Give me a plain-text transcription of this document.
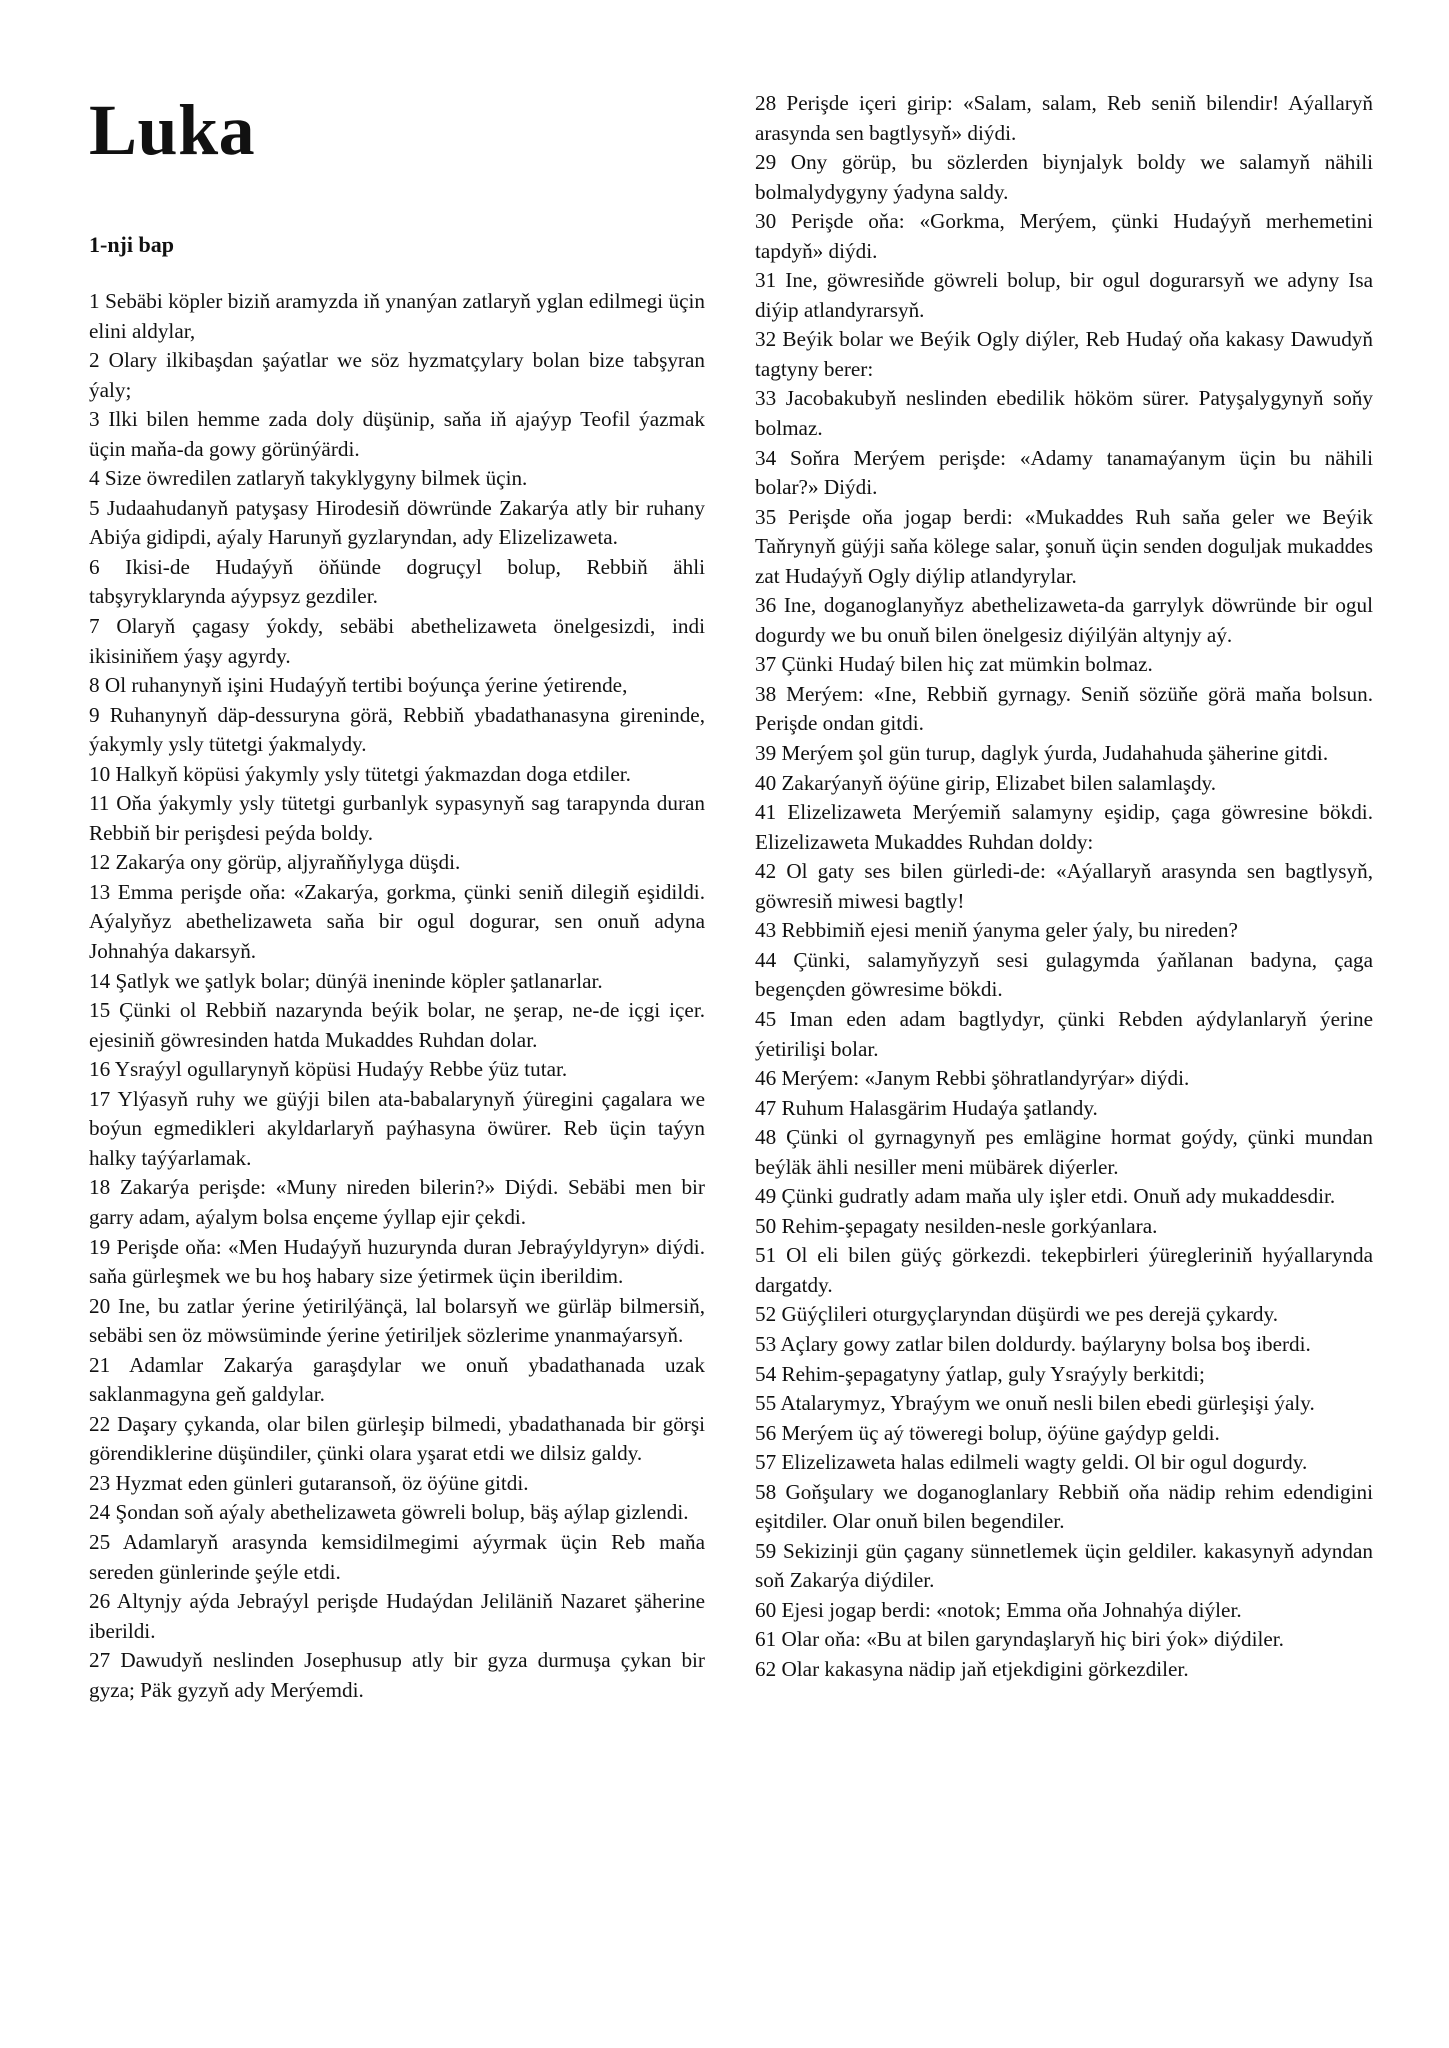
Luka
1-nji bap

1 Sebäbi köpler biziň aramyzda iň ynanýan zatlaryň yglan edilmegi üçin elini aldylar,

2 Olary ilkibaşdan şaýatlar we söz hyzmatçylary bolan bize tabşyran ýaly;

3 Ilki bilen hemme zada doly düşünip, saňa iň ajaýyp Teofil ýazmak üçin maňa-da gowy görünýärdi.

4 Size öwredilen zatlaryň takyklygyny bilmek üçin.

5 Judaahudanyň patyşasy Hirodesiň döwründe Zakarýa atly bir ruhany Abiýa gidipdi, aýaly Harunyň gyzlaryndan, ady Elizelizaweta.

6 Ikisi-de Hudaýyň öňünde dogruçyl bolup, Rebbiň ähli tabşyryklarynda aýypsyz gezdiler.

7 Olaryň çagasy ýokdy, sebäbi abethelizaweta önelgesizdi, indi ikisiniňem ýaşy agyrdy.

8 Ol ruhanynyň işini Hudaýyň tertibi boýunça ýerine ýetirende,

9 Ruhanynyň däp-dessuryna görä, Rebbiň ybadathanasyna gireninde, ýakymly ysly tütetgi ýakmalydy.

10 Halkyň köpüsi ýakymly ysly tütetgi ýakmazdan doga etdiler.

11 Oňa ýakymly ysly tütetgi gurbanlyk sypasynyň sag tarapynda duran Rebbiň bir perişdesi peýda boldy.

12 Zakarýa ony görüp, aljyraňňylyga düşdi.

13 Emma perişde oňa: «Zakarýa, gorkma, çünki seniň dilegiň eşidildi. Aýalyňyz abethelizaweta saňa bir ogul dogurar, sen onuň adyna Johnahýa dakarsyň.

14 Şatlyk we şatlyk bolar; dünýä ineninde köpler şatlanarlar.

15 Çünki ol Rebbiň nazarynda beýik bolar, ne şerap, ne-de içgi içer. ejesiniň göwresinden hatda Mukaddes Ruhdan dolar.

16 Ysraýyl ogullarynyň köpüsi Hudaýy Rebbe ýüz tutar.

17 Ylýasyň ruhy we güýji bilen ata-babalarynyň ýüregini çagalara we boýun egmedikleri akyldarlaryň paýhasyna öwürer. Reb üçin taýyn halky taýýarlamak.

18 Zakarýa perişde: «Muny nireden bilerin?» Diýdi. Sebäbi men bir garry adam, aýalym bolsa ençeme ýyllap ejir çekdi.

19 Perişde oňa: «Men Hudaýyň huzurynda duran Jebraýyldyryn» diýdi. saňa gürleşmek we bu hoş habary size ýetirmek üçin iberildim.

20 Ine, bu zatlar ýerine ýetirilýänçä, lal bolarsyň we gürläp bilmersiň, sebäbi sen öz möwsüminde ýerine ýetiriljek sözlerime ynanmaýarsyň.

21 Adamlar Zakarýa garaşdylar we onuň ybadathanada uzak saklanmagyna geň galdylar.

22 Daşary çykanda, olar bilen gürleşip bilmedi, ybadathanada bir görşi görendiklerine düşündiler, çünki olara yşarat etdi we dilsiz galdy.

23 Hyzmat eden günleri gutaransoň, öz öýüne gitdi.

24 Şondan soň aýaly abethelizaweta göwreli bolup, bäş aýlap gizlendi.

25 Adamlaryň arasynda kemsidilmegimi aýyrmak üçin Reb maňa sereden günlerinde şeýle etdi.

26 Altynjy aýda Jebraýyl perişde Hudaýdan Jeliläniň Nazaret şäherine iberildi.

27 Dawudyň neslinden Josephusup atly bir gyza durmuşa çykan bir gyza; Päk gyzyň ady Merýemdi.

28 Perişde içeri girip: «Salam, salam, Reb seniň bilendir! Aýallaryň arasynda sen bagtlysyň» diýdi.

29 Ony görüp, bu sözlerden biynjalyk boldy we salamyň nähili bolmalydygyny ýadyna saldy.

30 Perişde oňa: «Gorkma, Merýem, çünki Hudaýyň merhemetini tapdyň» diýdi.

31 Ine, göwresiňde göwreli bolup, bir ogul dogurarsyň we adyny Isa diýip atlandyrarsyň.

32 Beýik bolar we Beýik Ogly diýler, Reb Hudaý oňa kakasy Dawudyň tagtyny berer:

33 Jacobakubyň neslinden ebedilik hököm sürer. Patyşalygynyň soňy bolmaz.

34 Soňra Merýem perişde: «Adamy tanamaýanym üçin bu nähili bolar?» Diýdi.

35 Perişde oňa jogap berdi: «Mukaddes Ruh saňa geler we Beýik Taňrynyň güýji saňa kölege salar, şonuň üçin senden doguljak mukaddes zat Hudaýyň Ogly diýlip atlandyrylar.

36 Ine, doganoglanyňyz abethelizaweta-da garrylyk döwründe bir ogul dogurdy we bu onuň bilen önelgesiz diýilýän altynjy aý.

37 Çünki Hudaý bilen hiç zat mümkin bolmaz.

38 Merýem: «Ine, Rebbiň gyrnagy. Seniň sözüňe görä maňa bolsun. Perişde ondan gitdi.

39 Merýem şol gün turup, daglyk ýurda, Judahahuda şäherine gitdi.

40 Zakarýanyň öýüne girip, Elizabet bilen salamlaşdy.

41 Elizelizaweta Merýemiň salamyny eşidip, çaga göwresine bökdi. Elizelizaweta Mukaddes Ruhdan doldy:

42 Ol gaty ses bilen gürledi-de: «Aýallaryň arasynda sen bagtlysyň, göwresiň miwesi bagtly!

43 Rebbimiň ejesi meniň ýanyma geler ýaly, bu nireden?

44 Çünki, salamyňyzyň sesi gulagymda ýaňlanan badyna, çaga begençden göwresime bökdi.

45 Iman eden adam bagtlydyr, çünki Rebden aýdylanlaryň ýerine ýetirilişi bolar.

46 Merýem: «Janym Rebbi şöhratlandyrýar» diýdi.

47 Ruhum Halasgärim Hudaýa şatlandy.

48 Çünki ol gyrnagynyň pes emlägine hormat goýdy, çünki mundan beýläk ähli nesiller meni mübärek diýerler.

49 Çünki gudratly adam maňa uly işler etdi. Onuň ady mukaddesdir.

50 Rehim-şepagaty nesilden-nesle gorkýanlara.

51 Ol eli bilen güýç görkezdi. tekepbirleri ýüregleriniň hyýallarynda dargatdy.

52 Güýçlileri oturgyçlaryndan düşürdi we pes derejä çykardy.

53 Açlary gowy zatlar bilen doldurdy. baýlaryny bolsa boş iberdi.

54 Rehim-şepagatyny ýatlap, guly Ysraýyly berkitdi;

55 Atalarymyz, Ybraýym we onuň nesli bilen ebedi gürleşişi ýaly.

56 Merýem üç aý töweregi bolup, öýüne gaýdyp geldi.

57 Elizelizaweta halas edilmeli wagty geldi. Ol bir ogul dogurdy.

58 Goňşulary we doganoglanlary Rebbiň oňa nädip rehim edendigini eşitdiler. Olar onuň bilen begendiler.

59 Sekizinji gün çagany sünnetlemek üçin geldiler. kakasynyň adyndan soň Zakarýa diýdiler.

60 Ejesi jogap berdi: «notok; Emma oňa Johnahýa diýler.

61 Olar oňa: «Bu at bilen garyndaşlaryň hiç biri ýok» diýdiler.

62 Olar kakasyna nädip jaň etjekdigini görkezdiler.
